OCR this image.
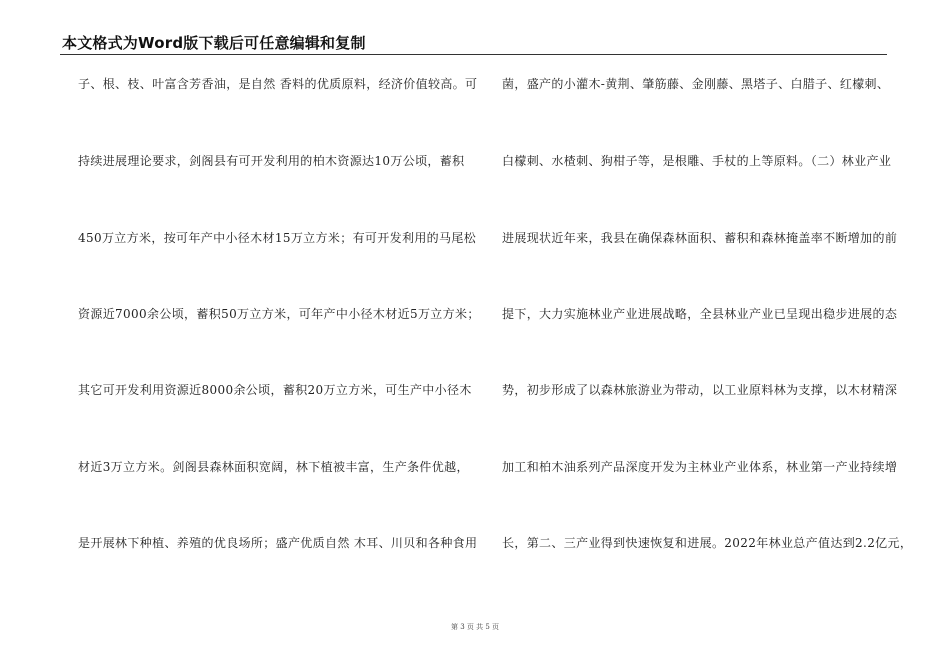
本文格式为Word版下载后可任意编辑和复制
子、根、枝、叶富含芳香油，是自然 香料的优质原料，经济价值较高。可
持续进展理论要求，剑阁县有可开发利用的柏木资源达10万公顷，蓄积
450万立方米，按可年产中小径木材15万立方米；有可开发利用的马尾松
资源近7000余公顷，蓄积50万立方米，可年产中小径木材近5万立方米；
其它可开发利用资源近8000余公顷，蓄积20万立方米，可生产中小径木
材近3万立方米。剑阁县森林面积宽阔，林下植被丰富，生产条件优越，
是开展林下种植、养殖的优良场所；盛产优质自然 木耳、川贝和各种食用
菌，盛产的小灌木-黄荆、肇筋藤、金刚藤、黑塔子、白腊子、红檬刺、
白檬刺、水楂刺、狗柑子等，是根雕、手杖的上等原料。（二）林业产业
进展现状近年来，我县在确保森林面积、蓄积和森林掩盖率不断增加的前
提下，大力实施林业产业进展战略，全县林业产业已呈现出稳步进展的态
势，初步形成了以森林旅游业为带动，以工业原料林为支撑，以木材精深
加工和柏木油系列产品深度开发为主林业产业体系，林业第一产业持续增
长，第二、三产业得到快速恢复和进展。2022年林业总产值达到2.2亿元，
第 3 页 共 5 页
